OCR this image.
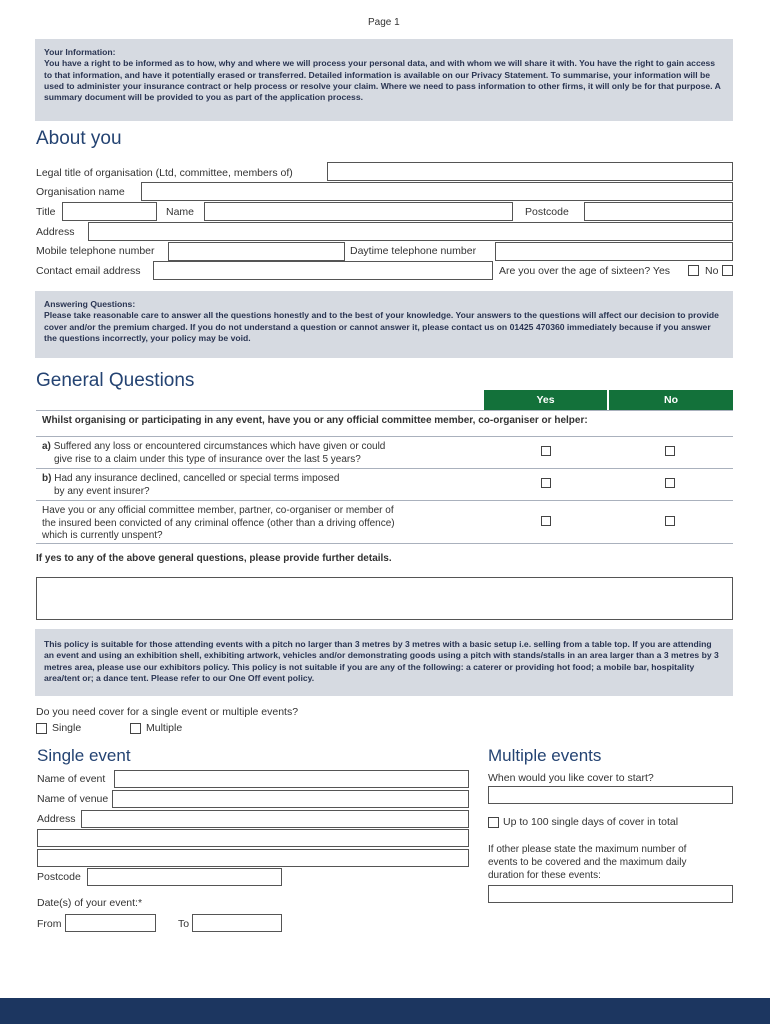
Page 1
Your Information:
You have a right to be informed as to how, why and where we will process your personal data, and with whom we will share it with. You have the right to gain access to that information, and have it potentially erased or transferred. Detailed information is available on our Privacy Statement. To summarise, your information will be used to administer your insurance contract or help process or resolve your claim. Where we need to pass information to other firms, it will only be for that purpose. A summary document will be provided to you as part of the application process.
About you
Legal title of organisation (Ltd, committee, members of)
Organisation name
Title	Name	Postcode
Address
Mobile telephone number	Daytime telephone number
Contact email address	Are you over the age of sixteen? Yes	No
Answering Questions:
Please take reasonable care to answer all the questions honestly and to the best of your knowledge. Your answers to the questions will affect our decision to provide cover and/or the premium charged. If you do not understand a question or cannot answer it, please contact us on 01425 470360 immediately because if you answer the questions incorrectly, your policy may be void.
General Questions
Yes	No
Whilst organising or participating in any event, have you or any official committee member, co-organiser or helper:
a) Suffered any loss or encountered circumstances which have given or could
give rise to a claim under this type of insurance over the last 5 years?
b) Had any insurance declined, cancelled or special terms imposed
by any event insurer?
Have you or any official committee member, partner, co-organiser or member of
the insured been convicted of any criminal offence (other than a driving offence)
which is currently unspent?
If yes to any of the above general questions, please provide further details.
This policy is suitable for those attending events with a pitch no larger than 3 metres by 3 metres with a basic setup i.e. selling from a table top. If you are attending an event and using an exhibition shell, exhibiting artwork, vehicles and/or demonstrating goods using a pitch with stands/stalls in an area larger than a 3 metres by 3 metres area, please use our exhibitors policy. This policy is not suitable if you are any of the following: a caterer or providing hot food; a mobile bar, hospitality area/tent or; a dance tent. Please refer to our One Off event policy.
Do you need cover for a single event or multiple events?
Single	Multiple
Single event
Name of event
Name of venue
Address
Postcode
Date(s) of your event:*
From	To
Multiple events
When would you like cover to start?
Up to 100 single days of cover in total
If other please state the maximum number of events to be covered and the maximum daily duration for these events:
